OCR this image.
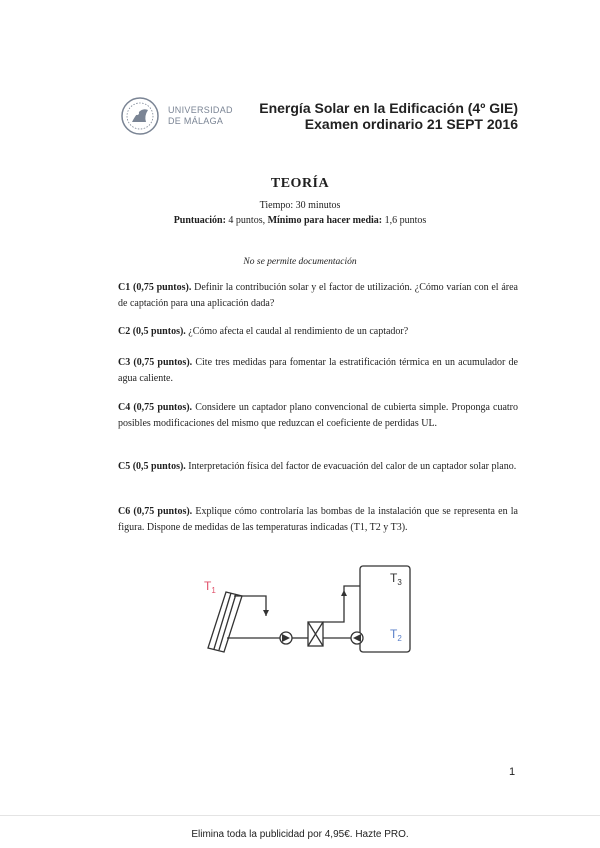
UNIVERSIDAD
DE MÁLAGA
Energía Solar en la Edificación (4º GIE)
Examen ordinario 21 SEPT 2016
TEORÍA
Tiempo: 30 minutos
Puntuación: 4 puntos, Mínimo para hacer media: 1,6 puntos
No se permite documentación
C1 (0,75 puntos). Definir la contribución solar y el factor de utilización. ¿Cómo varían con el área de captación para una aplicación dada?
C2 (0,5 puntos). ¿Cómo afecta el caudal al rendimiento de un captador?
C3 (0,75 puntos). Cite tres medidas para fomentar la estratificación térmica en un acumulador de agua caliente.
C4 (0,75 puntos). Considere un captador plano convencional de cubierta simple. Proponga cuatro posibles modificaciones del mismo que reduzcan el coeficiente de perdidas UL.
C5 (0,5 puntos). Interpretación física del factor de evacuación del calor de un captador solar plano.
C6 (0,75 puntos). Explique cómo controlaría las bombas de la instalación que se representa en la figura. Dispone de medidas de las temperaturas indicadas (T1, T2 y T3).
$T_1$
$T_3$
$T_2$
1
Elimina toda la publicidad por 4,95€. Hazte PRO.
